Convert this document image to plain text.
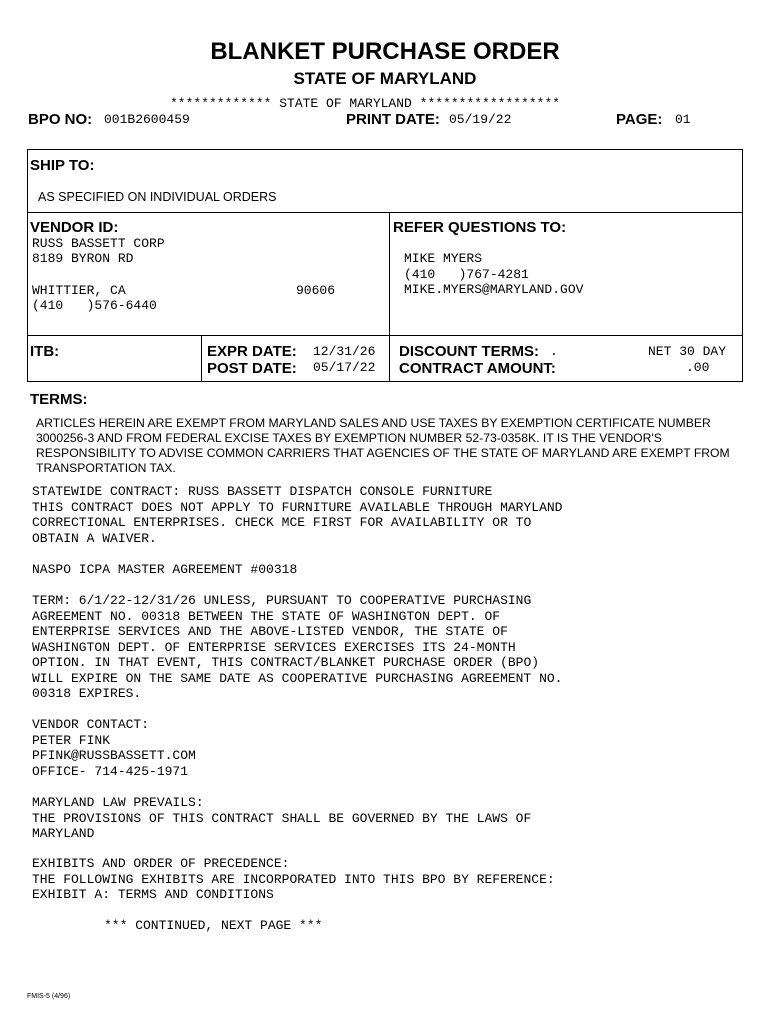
BLANKET PURCHASE ORDER
STATE OF MARYLAND
************* STATE OF MARYLAND ******************
BPO NO: 001B2600459	PRINT DATE: 05/19/22	PAGE: 01
SHIP TO:
AS SPECIFIED ON INDIVIDUAL ORDERS
VENDOR ID:
RUSS BASSETT CORP
8189 BYRON RD
WHITTIER, CA	90606
(410   )576-6440
REFER QUESTIONS TO:
MIKE MYERS
(410   )767-4281
MIKE.MYERS@MARYLAND.GOV
ITB:	EXPR DATE: 12/31/26
POST DATE: 05/17/22
DISCOUNT TERMS: .	NET 30 DAY
CONTRACT AMOUNT:	.00
TERMS:

ARTICLES HEREIN ARE EXEMPT FROM MARYLAND SALES AND USE TAXES BY EXEMPTION CERTIFICATE NUMBER 3000256-3 AND FROM FEDERAL EXCISE TAXES BY EXEMPTION NUMBER 52-73-0358K. IT IS THE VENDOR'S RESPONSIBILITY TO ADVISE COMMON CARRIERS THAT AGENCIES OF THE STATE OF MARYLAND ARE EXEMPT FROM TRANSPORTATION TAX.

STATEWIDE CONTRACT: RUSS BASSETT DISPATCH CONSOLE FURNITURE
THIS CONTRACT DOES NOT APPLY TO FURNITURE AVAILABLE THROUGH MARYLAND
CORRECTIONAL ENTERPRISES. CHECK MCE FIRST FOR AVAILABILITY OR TO
OBTAIN A WAIVER.
NASPO ICPA MASTER AGREEMENT #00318
TERM: 6/1/22-12/31/26 UNLESS, PURSUANT TO COOPERATIVE PURCHASING
AGREEMENT NO. 00318 BETWEEN THE STATE OF WASHINGTON DEPT. OF
ENTERPRISE SERVICES AND THE ABOVE-LISTED VENDOR, THE STATE OF
WASHINGTON DEPT. OF ENTERPRISE SERVICES EXERCISES ITS 24-MONTH
OPTION. IN THAT EVENT, THIS CONTRACT/BLANKET PURCHASE ORDER (BPO)
WILL EXPIRE ON THE SAME DATE AS COOPERATIVE PURCHASING AGREEMENT NO.
00318 EXPIRES.
VENDOR CONTACT:
PETER FINK
PFINK@RUSSBASSETT.COM
OFFICE- 714-425-1971
MARYLAND LAW PREVAILS:
THE PROVISIONS OF THIS CONTRACT SHALL BE GOVERNED BY THE LAWS OF
MARYLAND
EXHIBITS AND ORDER OF PRECEDENCE:
THE FOLLOWING EXHIBITS ARE INCORPORATED INTO THIS BPO BY REFERENCE:
EXHIBIT A: TERMS AND CONDITIONS
*** CONTINUED, NEXT PAGE ***
FMIS-5 (4/96)
